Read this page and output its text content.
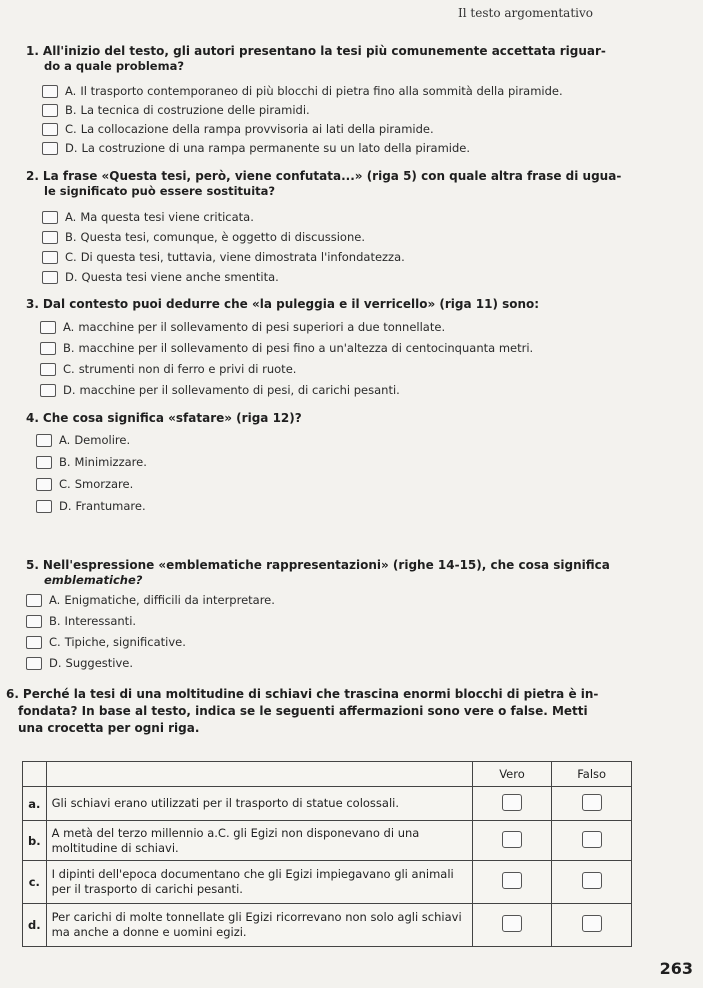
Il testo argomentativo
1. All'inizio del testo, gli autori presentano la tesi più comunemente accettata riguar-
do a quale problema?
A. Il trasporto contemporaneo di più blocchi di pietra fino alla sommità della piramide.
B. La tecnica di costruzione delle piramidi.
C. La collocazione della rampa provvisoria ai lati della piramide.
D. La costruzione di una rampa permanente su un lato della piramide.
2. La frase «Questa tesi, però, viene confutata...» (riga 5) con quale altra frase di ugua-
le significato può essere sostituita?
A. Ma questa tesi viene criticata.
B. Questa tesi, comunque, è oggetto di discussione.
C. Di questa tesi, tuttavia, viene dimostrata l'infondatezza.
D. Questa tesi viene anche smentita.
3. Dal contesto puoi dedurre che «la puleggia e il verricello» (riga 11) sono:
A. macchine per il sollevamento di pesi superiori a due tonnellate.
B. macchine per il sollevamento di pesi fino a un'altezza di centocinquanta metri.
C. strumenti non di ferro e privi di ruote.
D. macchine per il sollevamento di pesi, di carichi pesanti.
4. Che cosa significa «sfatare» (riga 12)?
A. Demolire.
B. Minimizzare.
C. Smorzare.
D. Frantumare.
5. Nell'espressione «emblematiche rappresentazioni» (righe 14-15), che cosa significa
emblematiche?
A. Enigmatiche, difficili da interpretare.
B. Interessanti.
C. Tipiche, significative.
D. Suggestive.
6. Perché la tesi di una moltitudine di schiavi che trascina enormi blocchi di pietra è in-
fondata? In base al testo, indica se le seguenti affermazioni sono vere o false. Metti
una crocetta per ogni riga.
		Vero	Falso
a.	Gli schiavi erano utilizzati per il trasporto di statue colossali.		
b.	A metà del terzo millennio a.C. gli Egizi non disponevano di una moltitudine di schiavi.		
c.	I dipinti dell'epoca documentano che gli Egizi impiegavano gli animali per il trasporto di carichi pesanti.		
d.	Per carichi di molte tonnellate gli Egizi ricorrevano non solo agli schiavi ma anche a donne e uomini egizi.		
263
